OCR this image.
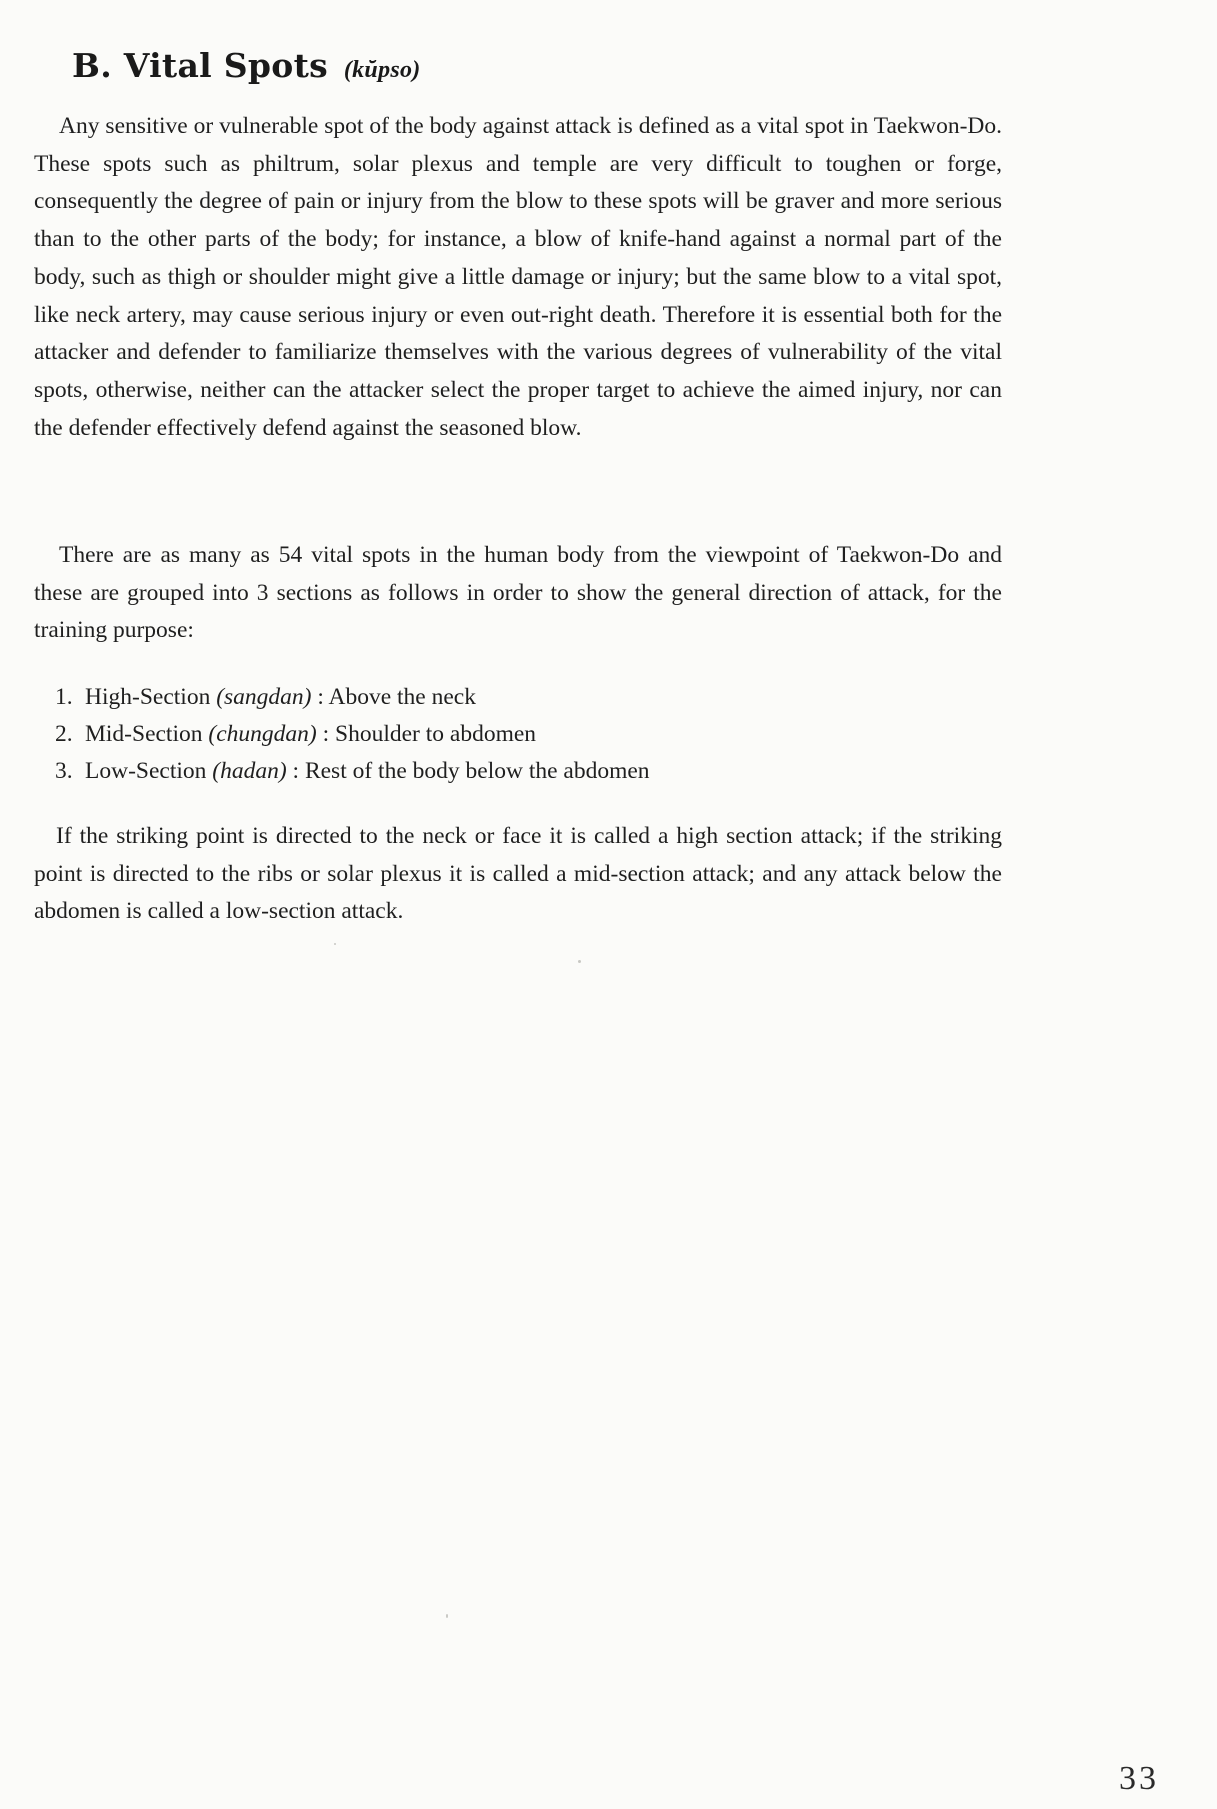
B. Vital Spots (kŭpso)

Any sensitive or vulnerable spot of the body against attack is defined as a vital spot in Taekwon-Do. These spots such as philtrum, solar plexus and temple are very difficult to toughen or forge, consequently the degree of pain or injury from the blow to these spots will be graver and more serious than to the other parts of the body; for instance, a blow of knife-hand against a normal part of the body, such as thigh or shoulder might give a little damage or injury; but the same blow to a vital spot, like neck artery, may cause serious injury or even out-right death. Therefore it is essential both for the attacker and defender to familiarize themselves with the various degrees of vulnerability of the vital spots, otherwise, neither can the attacker select the proper target to achieve the aimed injury, nor can the defender effectively defend against the seasoned blow.

There are as many as 54 vital spots in the human body from the viewpoint of Taekwon-Do and these are grouped into 3 sections as follows in order to show the general direction of attack, for the training purpose:

1. High-Section (sangdan) : Above the neck
2. Mid-Section (chungdan) : Shoulder to abdomen
3. Low-Section (hadan) : Rest of the body below the abdomen

If the striking point is directed to the neck or face it is called a high section attack; if the striking point is directed to the ribs or solar plexus it is called a mid-section attack; and any attack below the abdomen is called a low-section attack.

33
